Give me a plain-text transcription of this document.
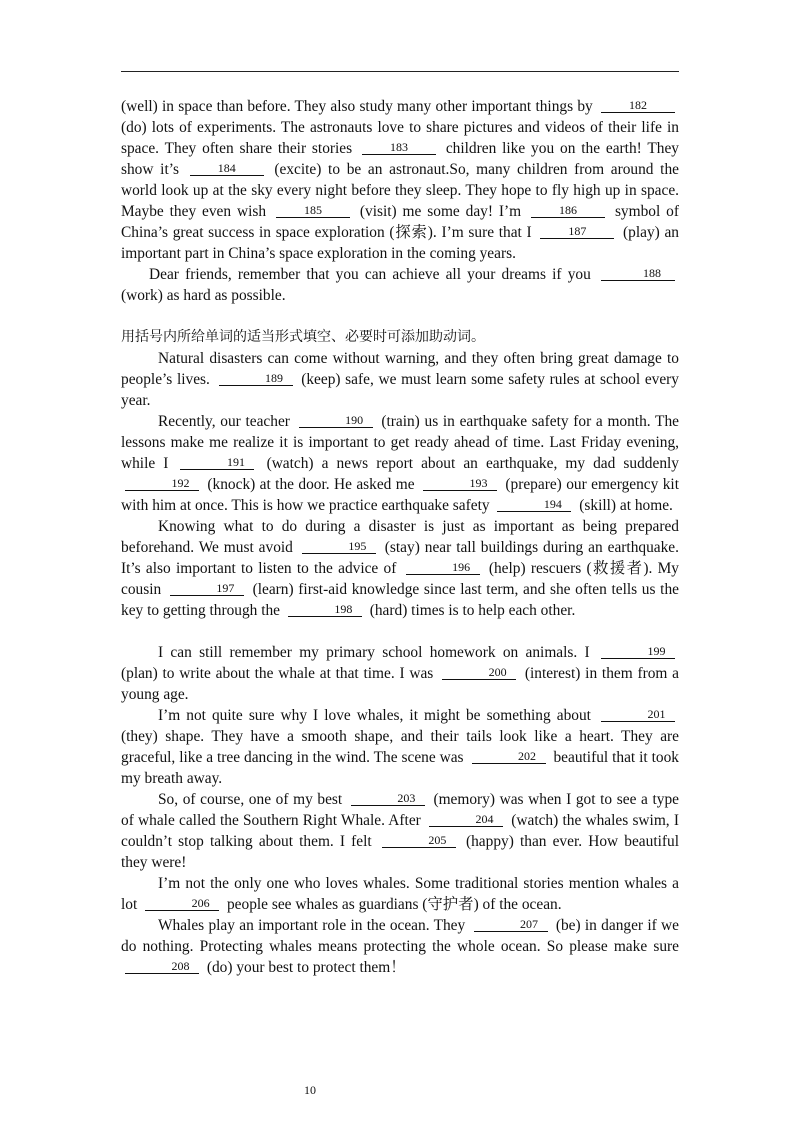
(well) in space than before. They also study many other important things by	182 (do) lots of experiments. The astronauts love to share pictures and videos of their life in space. They often share their stories	183 children like you on the earth! They show it’s	184	(excite) to be an astronaut.So, many children from around the world look up at the sky every night before they sleep. They hope to fly high up in space. Maybe they even wish	185 (visit) me some day! I’m	186 symbol of China’s great success in space exploration (探索). I’m sure that I	187 (play) an important part in China’s space exploration in the coming years.

Dear friends, remember that you can achieve all your dreams if you	188 (work) as hard as possible.

用括号内所给单词的适当形式填空、必要时可添加助动词。

Natural disasters can come without warning, and they often bring great damage to people’s lives.	189 (keep) safe, we must learn some safety rules at school every year.

Recently, our teacher	190 (train) us in earthquake safety for a month. The lessons make me realize it is important to get ready ahead of time. Last Friday evening, while I	191 (watch) a news report about an earthquake, my dad suddenly 192 (knock) at the door. He asked me	193 (prepare) our emergency kit with him at once. This is how we practice earthquake safety	194 (skill) at home.

Knowing what to do during a disaster is just as important as being prepared beforehand. We must avoid	195 (stay) near tall buildings during an earthquake. It’s also important to listen to the advice of	196 (help) rescuers (救援者). My cousin	197 (learn) first-aid knowledge since last term, and she often tells us the key to getting through the	198 (hard) times is to help each other.

I can still remember my primary school homework on animals. I	199 (plan) to write about the whale at that time. I was	200 (interest) in them from a young age.

I’m not quite sure why I love whales, it might be something about	201 (they) shape. They have a smooth shape, and their tails look like a heart. They are graceful, like a tree dancing in the wind. The scene was	202 beautiful that it took my breath away.

So, of course, one of my best	203 (memory) was when I got to see a type of whale called the Southern Right Whale. After	204 (watch) the whales swim, I couldn’t stop talking about them. I felt	205 (happy) than ever. How beautiful they were!

I’m not the only one who loves whales. Some traditional stories mention whales a lot	206 people see whales as guardians (守护者) of the ocean.

Whales play an important role in the ocean. They	207 (be) in danger if we do nothing. Protecting whales means protecting the whole ocean. So please make sure 208 (do) your best to protect them！

10
